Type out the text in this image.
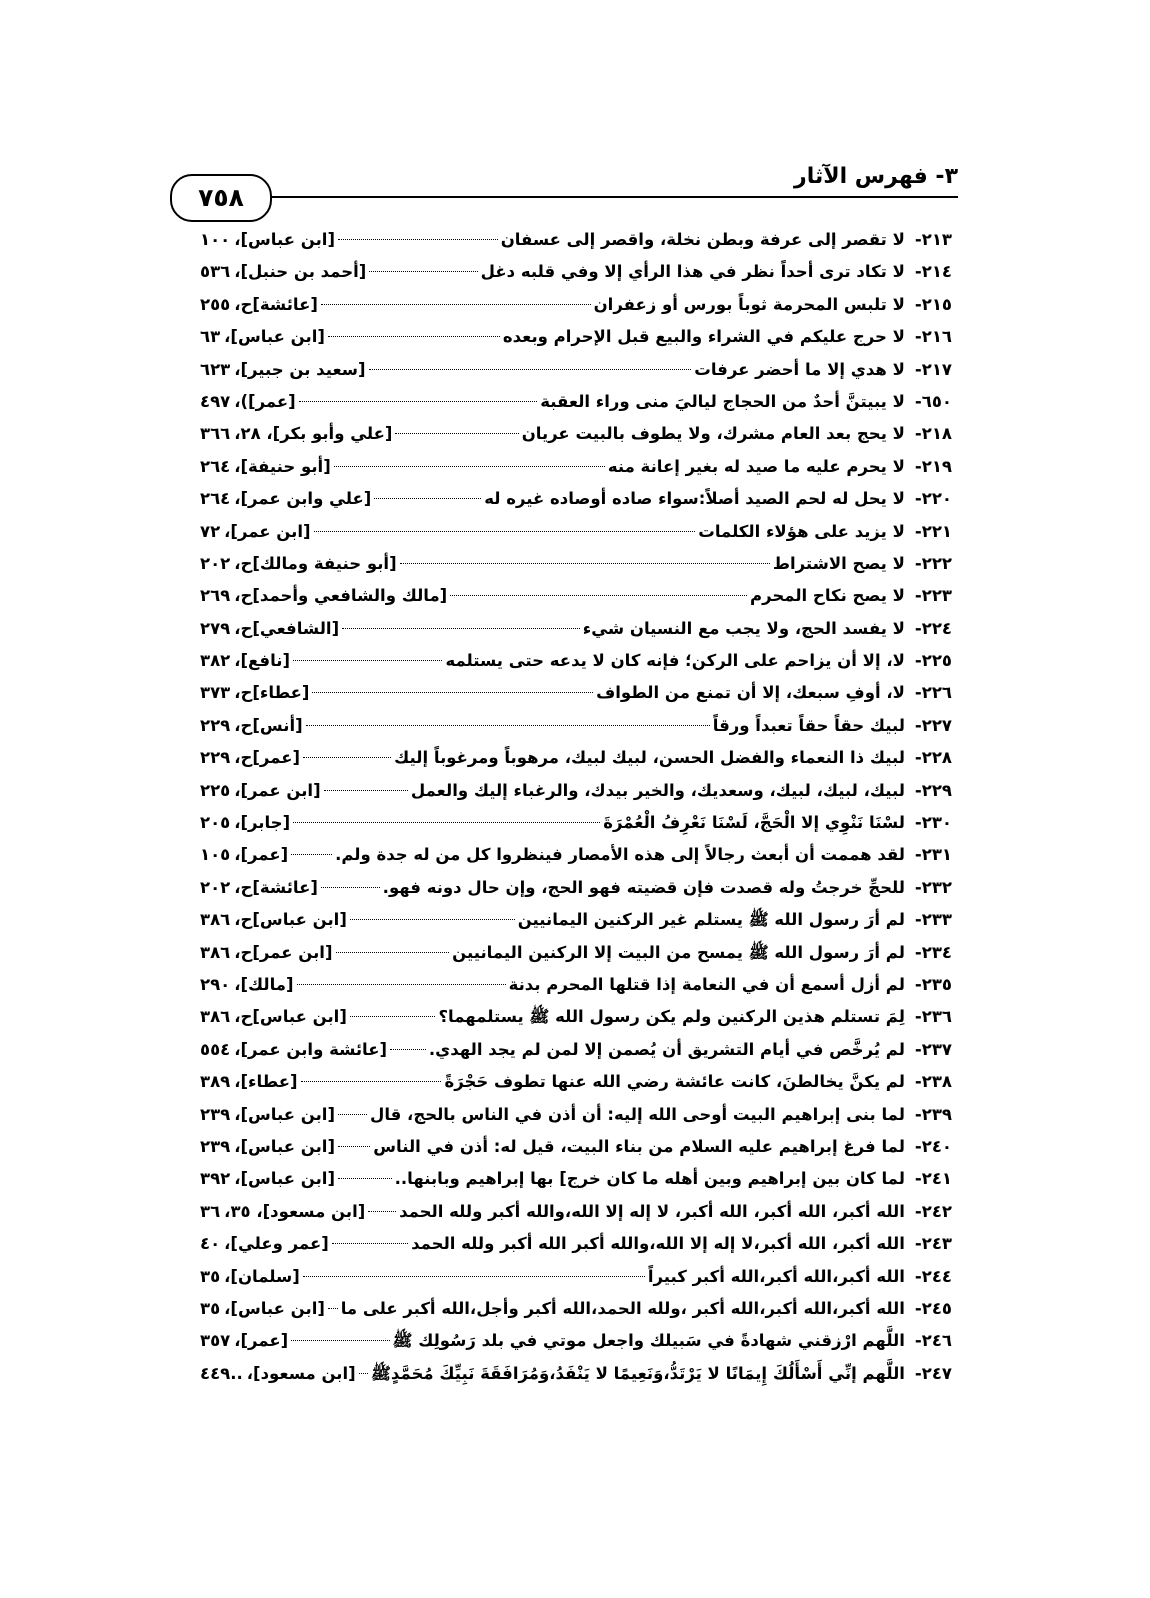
٣- فهرس الآثار
٧٥٨
٢١٣-
لا تقصر إلى عرفة وبطن نخلة، واقصر إلى عسفان
[ابن عباس]،
١٠٠
٢١٤-
لا تكاد ترى أحداً نظر في هذا الرأي إلا وفي قلبه دغل
[أحمد بن حنبل]،
٥٣٦
٢١٥-
لا تلبس المحرمة ثوباً بورس أو زعفران
[عائشة]ح،
٢٥٥
٢١٦-
لا حرج عليكم في الشراء والبيع قبل الإحرام وبعده
[ابن عباس]،
٦٣
٢١٧-
لا هدي إلا ما أحضر عرفات
[سعيد بن جبير]،
٦٢٣
٦٥٠-
لا يبيتنَّ أحدٌ من الحجاج لياليَ منى وراء العقبة
[عمر])،
٤٩٧
٢١٨-
لا يحج بعد العام مشرك، ولا يطوف بالبيت عريان
[علي وأبو بكر]، ٢٨،
٣٦٦
٢١٩-
لا يحرم عليه ما صيد له بغير إعانة منه
[أبو حنيفة]،
٢٦٤
٢٢٠-
لا يحل له لحم الصيد أصلاً:سواء صاده أوصاده غيره له
[علي وابن عمر]،
٢٦٤
٢٢١-
لا يزيد على هؤلاء الكلمات
[ابن عمر]،
٧٢
٢٢٢-
لا يصح الاشتراط
[أبو حنيفة ومالك]ح،
٢٠٢
٢٢٣-
لا يصح نكاح المحرم
[مالك والشافعي وأحمد]ح،
٢٦٩
٢٢٤-
لا يفسد الحج، ولا يجب مع النسيان شيء
[الشافعي]ح،
٢٧٩
٢٢٥-
لا، إلا أن يزاحم على الركن؛ فإنه كان لا يدعه حتى يستلمه
[نافع]،
٣٨٢
٢٢٦-
لا، أوفِ سبعك، إلا أن تمنع من الطواف
[عطاء]ح،
٣٧٣
٢٢٧-
لبيك حقاً حقاً تعبداً ورقاً
[أنس]ح،
٢٢٩
٢٢٨-
لبيك ذا النعماء والفضل الحسن، لبيك لبيك، مرهوباً ومرغوباً إليك
[عمر]ح،
٢٢٩
٢٢٩-
لبيك، لبيك، لبيك، وسعديك، والخير بيدك، والرغباء إليك والعمل
[ابن عمر]،
٢٢٥
٢٣٠-
لسْنَا نَنْوِي إلا الْحَجَّ، لَسْنَا نَعْرِفُ الْعُمْرَةَ
[جابر]،
٢٠٥
٢٣١-
لقد هممت أن أبعث رجالاً إلى هذه الأمصار فينظروا كل من له جدة ولم.
[عمر]،
١٠٥
٢٣٢-
للحجِّ خرجتُ وله قصدت فإن قضيته فهو الحج، وإن حال دونه فهو.
[عائشة]ح،
٢٠٢
٢٣٣-
لم أرَ رسول الله ﷺ يستلم غير الركنين اليمانيين
[ابن عباس]ح،
٣٨٦
٢٣٤-
لم أرَ رسول الله ﷺ يمسح من البيت إلا الركنين اليمانيين
[ابن عمر]ح،
٣٨٦
٢٣٥-
لم أزل أسمع أن في النعامة إذا قتلها المحرم بدنة
[مالك]،
٢٩٠
٢٣٦-
لِمَ تستلم هذين الركنين ولم يكن رسول الله ﷺ يستلمهما؟
[ابن عباس]ح،
٣٨٦
٢٣٧-
لم يُرخَّص في أيام التشريق أن يُصمن إلا لمن لم يجد الهدي.
[عائشة وابن عمر]،
٥٥٤
٢٣٨-
لم يكنَّ يخالطنَ، كانت عائشة رضي الله عنها تطوف حَجْرَةً
[عطاء]،
٣٨٩
٢٣٩-
لما بنى إبراهيم البيت أوحى الله إليه: أن أذن في الناس بالحج، قال
[ابن عباس]،
٢٣٩
٢٤٠-
لما فرغ إبراهيم عليه السلام من بناء البيت، قيل له: أذن في الناس
[ابن عباس]،
٢٣٩
٢٤١-
لما كان بين إبراهيم وبين أهله ما كان خرج] بها إبراهيم وبابنها..
[ابن عباس]،
٣٩٢
٢٤٢-
الله أكبر، الله أكبر، الله أكبر، لا إله إلا الله،والله أكبر ولله الحمد
[ابن مسعود]، ٣٥،
٣٦
٢٤٣-
الله أكبر، الله أكبر،لا إله إلا الله،والله أكبر الله أكبر ولله الحمد
[عمر وعلي]،
٤٠
٢٤٤-
الله أكبر،الله أكبر،الله أكبر كبيراً
[سلمان]،
٣٥
٢٤٥-
الله أكبر،الله أكبر،الله أكبر ،ولله الحمد،الله أكبر وأجل،الله أكبر على ما
[ابن عباس]،
٣٥
٢٤٦-
اللَّهم ارْزقني شهادةً في سَبيلك واجعل موتي في بلد رَسُولِك ﷺ
[عمر]،
٣٥٧
٢٤٧-
اللَّهم إنِّي أَسْأَلُكَ إِيمَانًا لا يَرْتَدُّ،وَنَعِيمًا لا يَنْفَدُ،وَمُرَافَقَةَ نَبِيِّكَ مُحَمَّدٍﷺ
[ابن مسعود]،
..٤٤٩
